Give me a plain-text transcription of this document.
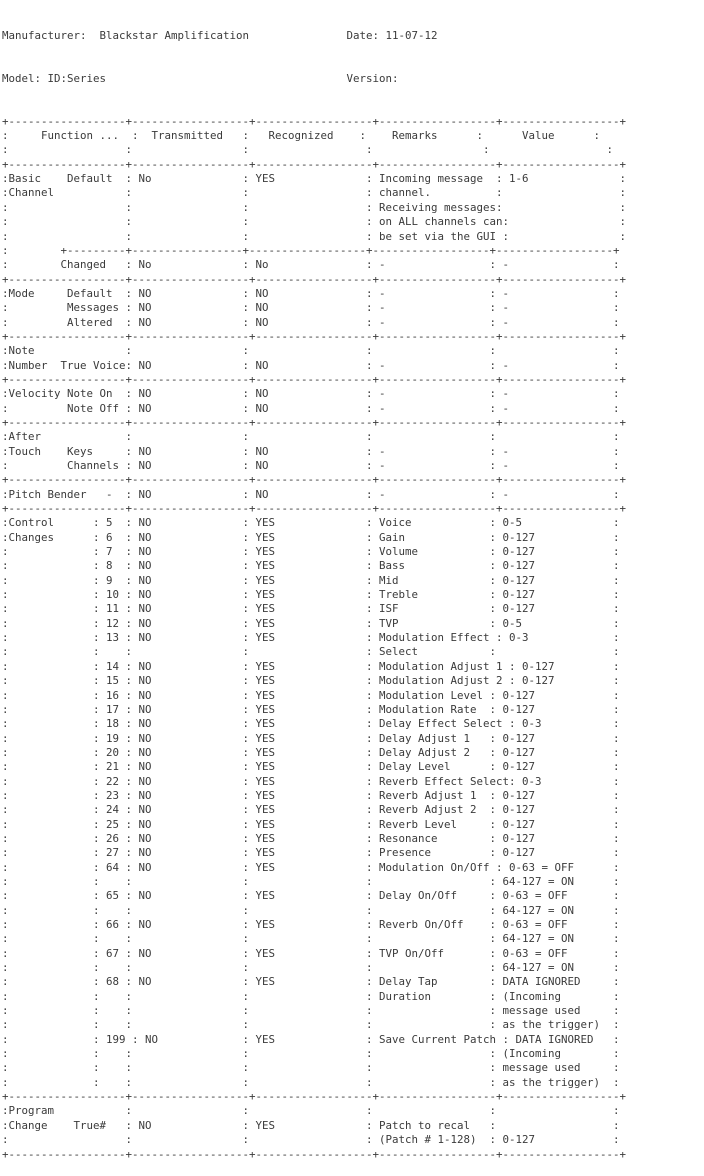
Manufacturer:  Blackstar Amplification               Date: 11-07-12

Model: ID:Series                                     Version:

+------------------+------------------+------------------+------------------+------------------+
:     Function ...  :  Transmitted   :   Recognized    :    Remarks      :      Value      :
:                  :                 :                  :                 :                  :
+------------------+------------------+------------------+------------------+------------------+
:Basic    Default  : No              : YES              : Incoming message  : 1-6              :
:Channel           :                 :                  : channel.          :                  :
:                  :                 :                  : Receiving messages:                  :
:                  :                 :                  : on ALL channels can:                 :
:                  :                 :                  : be set via the GUI :                 :
:        +---------+-----------------+------------------+------------------+------------------+
:        Changed   : No              : No               : -                : -                :
+------------------+------------------+------------------+------------------+------------------+
:Mode     Default  : NO              : NO               : -                : -                :
:         Messages : NO              : NO               : -                : -                :
:         Altered  : NO              : NO               : -                : -                :
+------------------+------------------+------------------+------------------+------------------+
:Note              :                 :                  :                  :                  :
:Number  True Voice: NO              : NO               : -                : -                :
+------------------+------------------+------------------+------------------+------------------+
:Velocity Note On  : NO              : NO               : -                : -                :
:         Note Off : NO              : NO               : -                : -                :
+------------------+------------------+------------------+------------------+------------------+
:After             :                 :                  :                  :                  :
:Touch    Keys     : NO              : NO               : -                : -                :
:         Channels : NO              : NO               : -                : -                :
+------------------+------------------+------------------+------------------+------------------+
:Pitch Bender   -  : NO              : NO               : -                : -                :
+------------------+------------------+------------------+------------------+------------------+
:Control      : 5  : NO              : YES              : Voice            : 0-5              :
:Changes      : 6  : NO              : YES              : Gain             : 0-127            :
:             : 7  : NO              : YES              : Volume           : 0-127            :
:             : 8  : NO              : YES              : Bass             : 0-127            :
:             : 9  : NO              : YES              : Mid              : 0-127            :
:             : 10 : NO              : YES              : Treble           : 0-127            :
:             : 11 : NO              : YES              : ISF              : 0-127            :
:             : 12 : NO              : YES              : TVP              : 0-5              :
:             : 13 : NO              : YES              : Modulation Effect : 0-3             :
:             :    :                 :                  : Select           :                  :
:             : 14 : NO              : YES              : Modulation Adjust 1 : 0-127         :
:             : 15 : NO              : YES              : Modulation Adjust 2 : 0-127         :
:             : 16 : NO              : YES              : Modulation Level : 0-127            :
:             : 17 : NO              : YES              : Modulation Rate  : 0-127            :
:             : 18 : NO              : YES              : Delay Effect Select : 0-3           :
:             : 19 : NO              : YES              : Delay Adjust 1   : 0-127            :
:             : 20 : NO              : YES              : Delay Adjust 2   : 0-127            :
:             : 21 : NO              : YES              : Delay Level      : 0-127            :
:             : 22 : NO              : YES              : Reverb Effect Select: 0-3           :
:             : 23 : NO              : YES              : Reverb Adjust 1  : 0-127            :
:             : 24 : NO              : YES              : Reverb Adjust 2  : 0-127            :
:             : 25 : NO              : YES              : Reverb Level     : 0-127            :
:             : 26 : NO              : YES              : Resonance        : 0-127            :
:             : 27 : NO              : YES              : Presence         : 0-127            :
:             : 64 : NO              : YES              : Modulation On/Off : 0-63 = OFF      :
:             :    :                 :                  :                  : 64-127 = ON      :
:             : 65 : NO              : YES              : Delay On/Off     : 0-63 = OFF       :
:             :    :                 :                  :                  : 64-127 = ON      :
:             : 66 : NO              : YES              : Reverb On/Off    : 0-63 = OFF       :
:             :    :                 :                  :                  : 64-127 = ON      :
:             : 67 : NO              : YES              : TVP On/Off       : 0-63 = OFF       :
:             :    :                 :                  :                  : 64-127 = ON      :
:             : 68 : NO              : YES              : Delay Tap        : DATA IGNORED     :
:             :    :                 :                  : Duration         : (Incoming        :
:             :    :                 :                  :                  : message used     :
:             :    :                 :                  :                  : as the trigger)  :
:             : 199 : NO             : YES              : Save Current Patch : DATA IGNORED   :
:             :    :                 :                  :                  : (Incoming        :
:             :    :                 :                  :                  : message used     :
:             :    :                 :                  :                  : as the trigger)  :
+------------------+------------------+------------------+------------------+------------------+
:Program           :                 :                  :                  :                  :
:Change    True#   : NO              : YES              : Patch to recal   :                  :
:                  :                 :                  : (Patch # 1-128)  : 0-127            :
+------------------+------------------+------------------+------------------+------------------+
